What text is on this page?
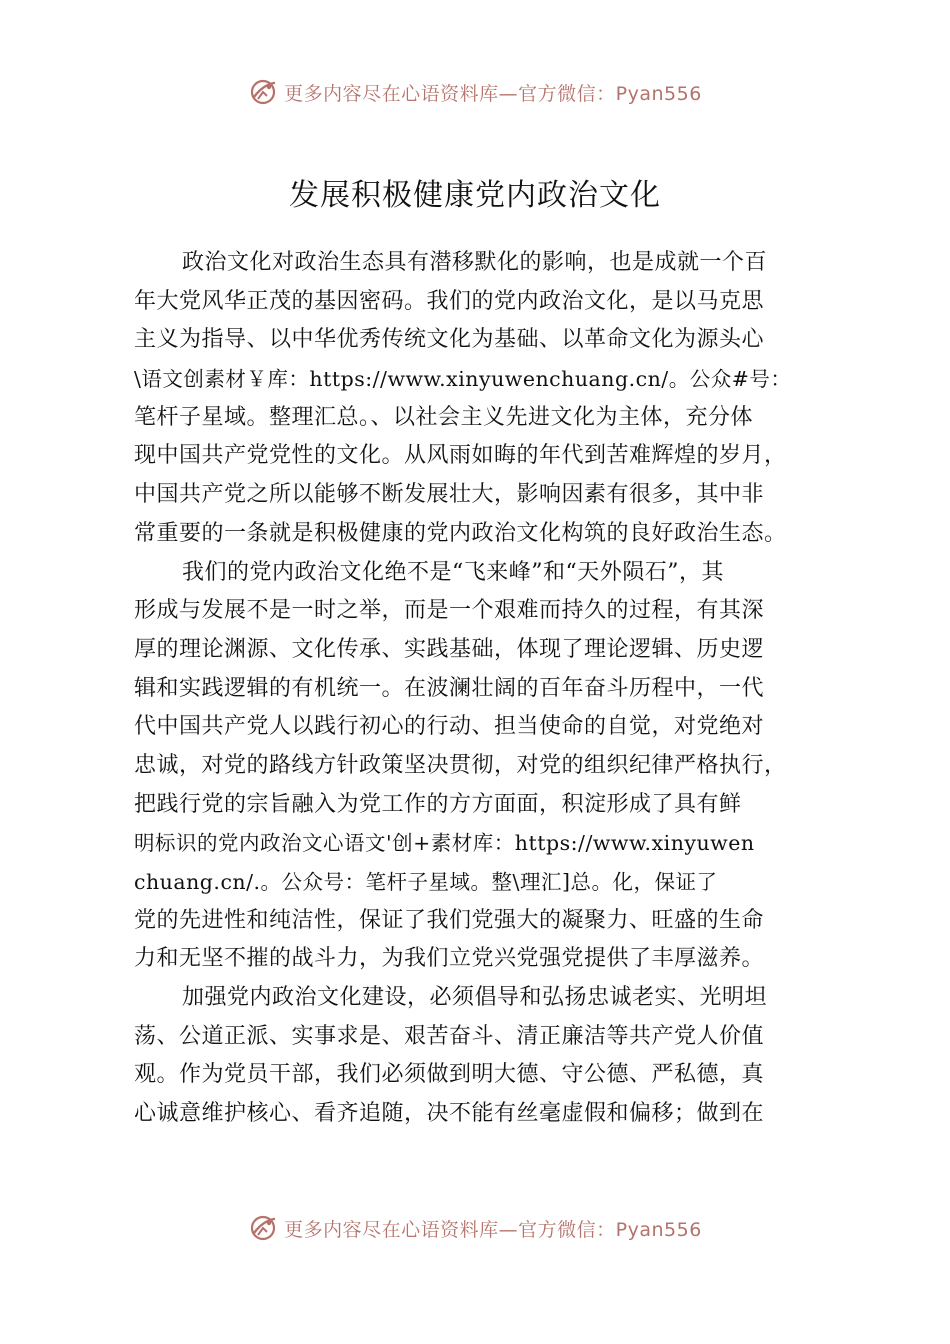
更多内容尽在心语资料库—官方微信：Pyan556
发展积极健康党内政治文化
政治文化对政治生态具有潜移默化的影响，也是成就一个百
年大党风华正茂的基因密码。我们的党内政治文化，是以马克思
主义为指导、以中华优秀传统文化为基础、以革命文化为源头心
\语文创素材￥库：https://www.xinyuwenchuang.cn/。公众#号：
笔杆子星域。整理汇总。、以社会主义先进文化为主体，充分体
现中国共产党党性的文化。从风雨如晦的年代到苦难辉煌的岁月，
中国共产党之所以能够不断发展壮大，影响因素有很多，其中非
常重要的一条就是积极健康的党内政治文化构筑的良好政治生态。
我们的党内政治文化绝不是“飞来峰”和“天外陨石”，其
形成与发展不是一时之举，而是一个艰难而持久的过程，有其深
厚的理论渊源、文化传承、实践基础，体现了理论逻辑、历史逻
辑和实践逻辑的有机统一。在波澜壮阔的百年奋斗历程中，一代
代中国共产党人以践行初心的行动、担当使命的自觉，对党绝对
忠诚，对党的路线方针政策坚决贯彻，对党的组织纪律严格执行，
把践行党的宗旨融入为党工作的方方面面，积淀形成了具有鲜
明标识的党内政治文心语文'创+素材库：https://www.xinyuwen
chuang.cn/.。公众号：笔杆子星域。整\理汇]总。化，保证了
党的先进性和纯洁性，保证了我们党强大的凝聚力、旺盛的生命
力和无坚不摧的战斗力，为我们立党兴党强党提供了丰厚滋养。
加强党内政治文化建设，必须倡导和弘扬忠诚老实、光明坦
荡、公道正派、实事求是、艰苦奋斗、清正廉洁等共产党人价值
观。作为党员干部，我们必须做到明大德、守公德、严私德，真
心诚意维护核心、看齐追随，决不能有丝毫虚假和偏移；做到在
更多内容尽在心语资料库—官方微信：Pyan556
